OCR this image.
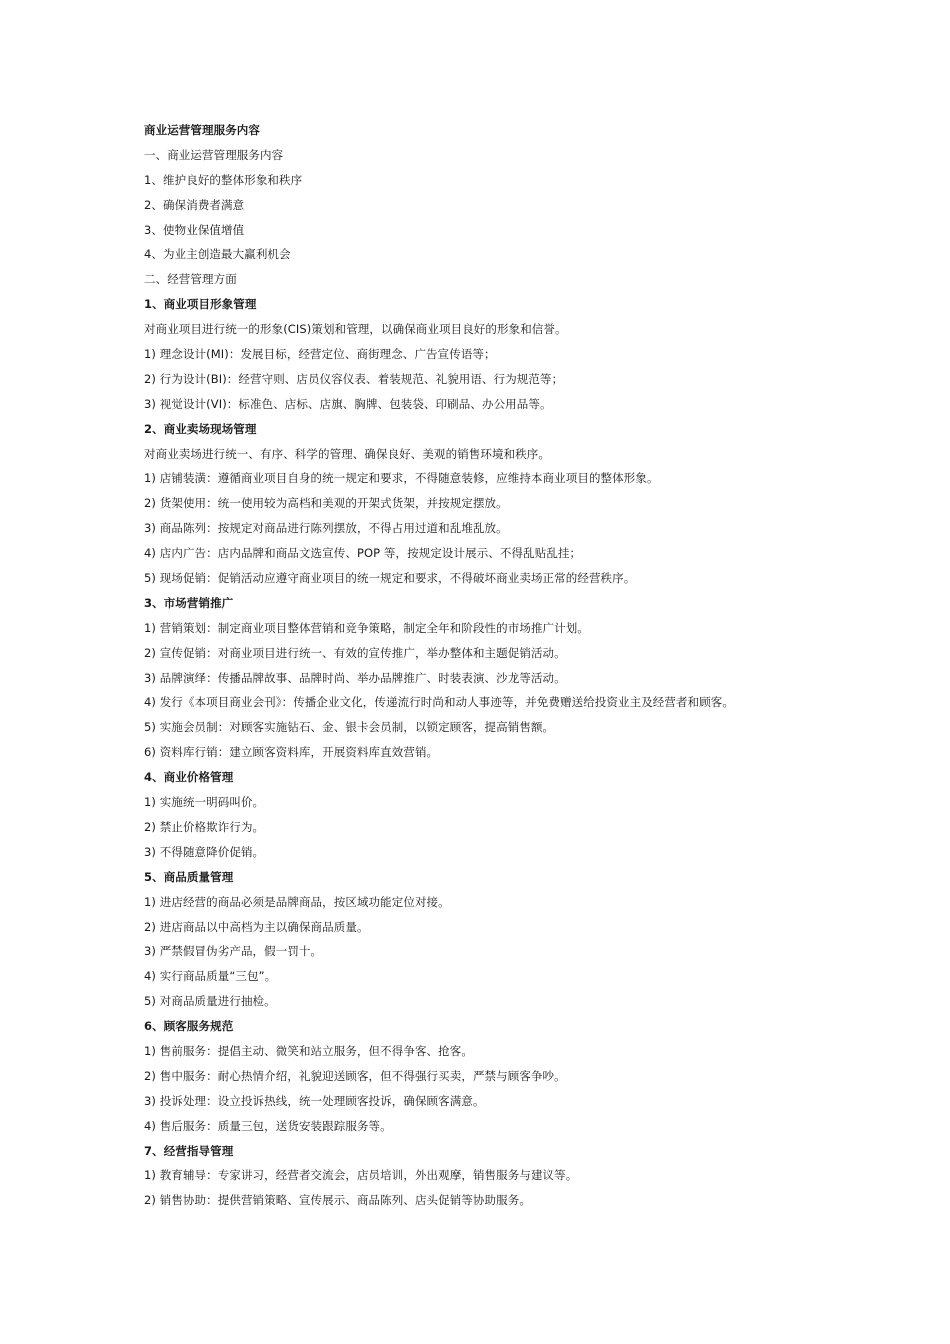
商业运营管理服务内容
一、商业运营管理服务内容
1、维护良好的整体形象和秩序
2、确保消费者满意
3、使物业保值增值
4、为业主创造最大赢利机会
二、经营管理方面
1、商业项目形象管理
对商业项目进行统一的形象(CIS)策划和管理，以确保商业项目良好的形象和信誉。
1) 理念设计(MI)：发展目标，经营定位、商街理念、广告宣传语等；
2) 行为设计(BI)：经营守则、店员仪容仪表、着装规范、礼貌用语、行为规范等；
3) 视觉设计(VI)：标准色、店标、店旗、胸牌、包装袋、印刷品、办公用品等。
2、商业卖场现场管理
对商业卖场进行统一、有序、科学的管理、确保良好、美观的销售环境和秩序。
1) 店铺装潢：遵循商业项目自身的统一规定和要求，不得随意装修，应维持本商业项目的整体形象。
2) 货架使用：统一使用较为高档和美观的开架式货架，并按规定摆放。
3) 商品陈列：按规定对商品进行陈列摆放，不得占用过道和乱堆乱放。
4) 店内广告：店内品牌和商品文选宣传、POP 等，按规定设计展示、不得乱贴乱挂；
5) 现场促销：促销活动应遵守商业项目的统一规定和要求，不得破坏商业卖场正常的经营秩序。
3、市场营销推广
1) 营销策划：制定商业项目整体营销和竞争策略，制定全年和阶段性的市场推广计划。
2) 宣传促销：对商业项目进行统一、有效的宣传推广，举办整体和主题促销活动。
3) 品牌演绎：传播品牌故事、品牌时尚、举办品牌推广、时装表演、沙龙等活动。
4) 发行《本项目商业会刊》：传播企业文化，传递流行时尚和动人事迹等，并免费赠送给投资业主及经营者和顾客。
5) 实施会员制：对顾客实施钻石、金、银卡会员制，以锁定顾客，提高销售额。
6) 资料库行销：建立顾客资料库，开展资料库直效营销。
4、商业价格管理
1) 实施统一明码叫价。
2) 禁止价格欺诈行为。
3) 不得随意降价促销。
5、商品质量管理
1) 进店经营的商品必须是品牌商品，按区域功能定位对接。
2) 进店商品以中高档为主以确保商品质量。
3) 严禁假冒伪劣产品，假一罚十。
4) 实行商品质量“三包”。
5) 对商品质量进行抽检。
6、顾客服务规范
1) 售前服务：提倡主动、微笑和站立服务，但不得争客、抢客。
2) 售中服务：耐心热情介绍，礼貌迎送顾客，但不得强行买卖，严禁与顾客争吵。
3) 投诉处理：设立投诉热线，统一处理顾客投诉，确保顾客满意。
4) 售后服务：质量三包，送货安装跟踪服务等。
7、经营指导管理
1) 教育辅导：专家讲习，经营者交流会，店员培训，外出观摩，销售服务与建议等。
2) 销售协助：提供营销策略、宣传展示、商品陈列、店头促销等协助服务。
